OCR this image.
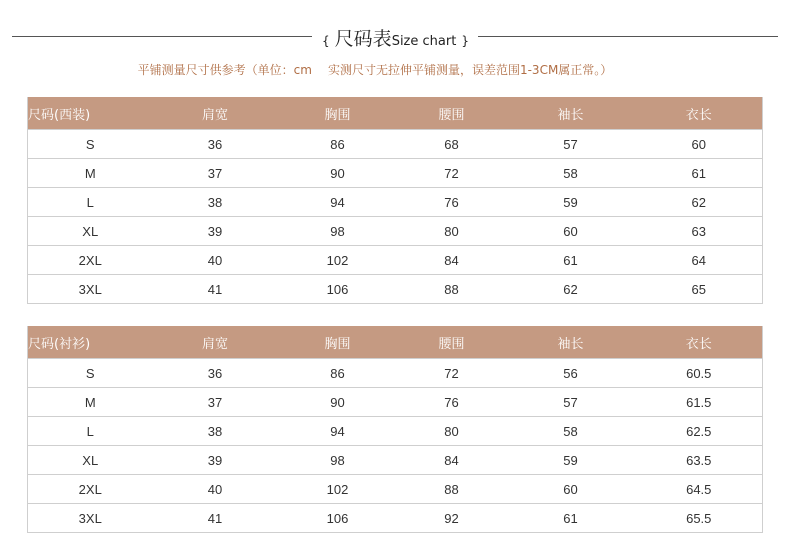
{ 尺码表Size chart }
平铺测量尺寸供参考（单位：cm 实测尺寸无拉伸平铺测量，误差范围1-3CM属正常。）
尺码(西装)	肩宽	胸围	腰围	袖长	衣长
S	36	86	68	57	60
M	37	90	72	58	61
L	38	94	76	59	62
XL	39	98	80	60	63
2XL	40	102	84	61	64
3XL	41	106	88	62	65
尺码(衬衫)	肩宽	胸围	腰围	袖长	衣长
S	36	86	72	56	60.5
M	37	90	76	57	61.5
L	38	94	80	58	62.5
XL	39	98	84	59	63.5
2XL	40	102	88	60	64.5
3XL	41	106	92	61	65.5
